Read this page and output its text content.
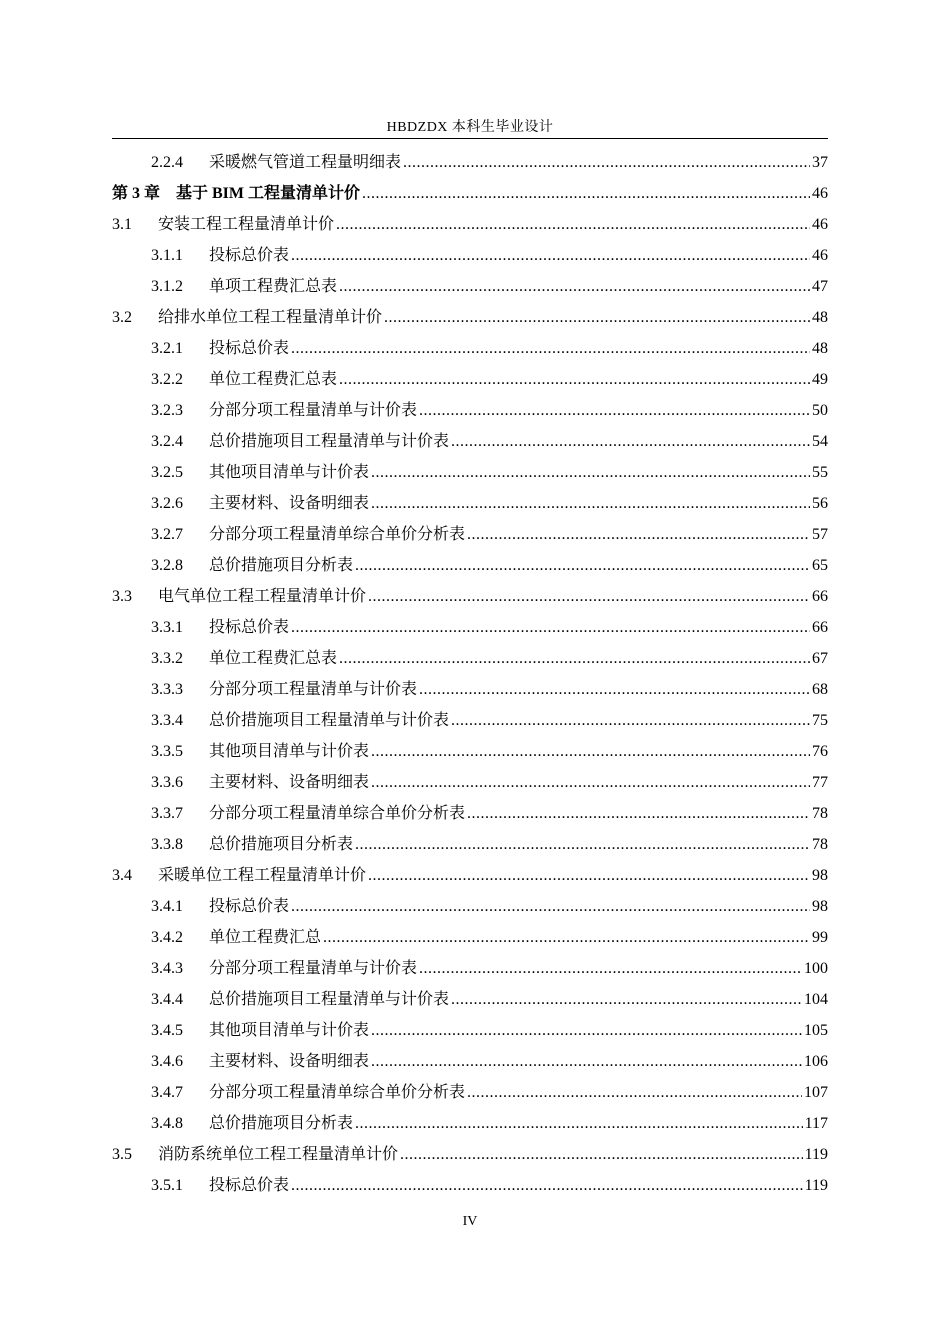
HBDZDX 本科生毕业设计
2.2.4	采暖燃气管道工程量明细表 .....	37
第 3 章 基于 BIM 工程量清单计价 .....	46
3.1	安装工程工程量清单计价 .....	46
3.1.1	投标总价表 .....	46
3.1.2	单项工程费汇总表 .....	47
3.2	给排水单位工程工程量清单计价 .....	48
3.2.1	投标总价表 .....	48
3.2.2	单位工程费汇总表 .....	49
3.2.3	分部分项工程量清单与计价表 .....	50
3.2.4	总价措施项目工程量清单与计价表 .....	54
3.2.5	其他项目清单与计价表 .....	55
3.2.6	主要材料、设备明细表 .....	56
3.2.7	分部分项工程量清单综合单价分析表 .....	57
3.2.8	总价措施项目分析表 .....	65
3.3	电气单位工程工程量清单计价 .....	66
3.3.1	投标总价表 .....	66
3.3.2	单位工程费汇总表 .....	67
3.3.3	分部分项工程量清单与计价表 .....	68
3.3.4	总价措施项目工程量清单与计价表 .....	75
3.3.5	其他项目清单与计价表 .....	76
3.3.6	主要材料、设备明细表 .....	77
3.3.7	分部分项工程量清单综合单价分析表 .....	78
3.3.8	总价措施项目分析表 .....	78
3.4	采暖单位工程工程量清单计价 .....	98
3.4.1	投标总价表 .....	98
3.4.2	单位工程费汇总 .....	99
3.4.3	分部分项工程量清单与计价表 .....	100
3.4.4	总价措施项目工程量清单与计价表 .....	104
3.4.5	其他项目清单与计价表 .....	105
3.4.6	主要材料、设备明细表 .....	106
3.4.7	分部分项工程量清单综合单价分析表 .....	107
3.4.8	总价措施项目分析表 .....	117
3.5	消防系统单位工程工程量清单计价 .....	119
3.5.1	投标总价表 .....	119
IV
